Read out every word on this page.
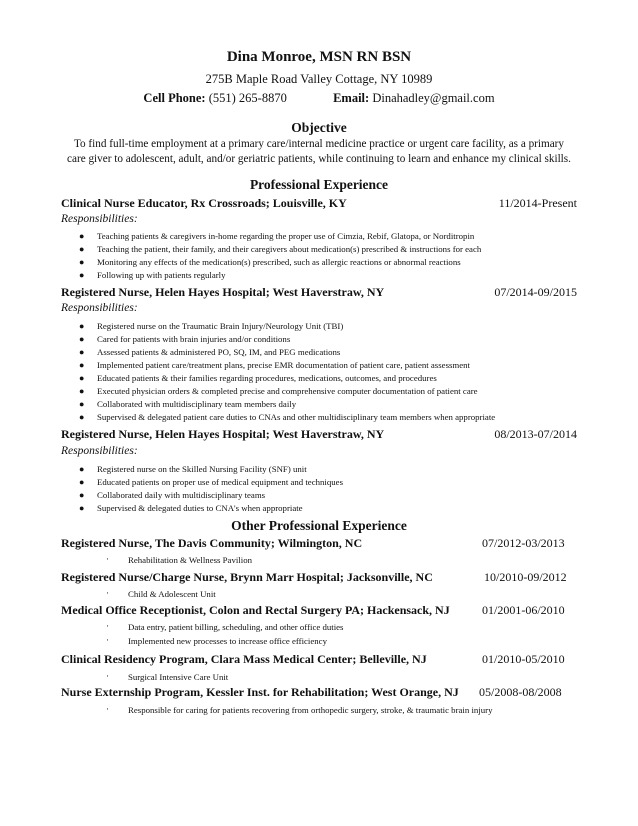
Dina Monroe, MSN RN BSN
275B Maple Road Valley Cottage, NY 10989
Cell Phone: (551) 265-8870	Email: Dinahadley@gmail.com
Objective
To find full-time employment at a primary care/internal medicine practice or urgent care facility, as a primary
care giver to adolescent, adult, and/or geriatric patients, while continuing to learn and enhance my clinical skills.
Professional Experience
Clinical Nurse Educator, Rx Crossroads; Louisville, KY	11/2014-Present
Responsibilities:
● Teaching patients & caregivers in-home regarding the proper use of Cimzia, Rebif, Glatopa, or Norditropin
● Teaching the patient, their family, and their caregivers about medication(s) prescribed & instructions for each
● Monitoring any effects of the medication(s) prescribed, such as allergic reactions or abnormal reactions
● Following up with patients regularly
Registered Nurse, Helen Hayes Hospital; West Haverstraw, NY	07/2014-09/2015
Responsibilities:
● Registered nurse on the Traumatic Brain Injury/Neurology Unit (TBI)
● Cared for patients with brain injuries and/or conditions
● Assessed patients & administered PO, SQ, IM, and PEG medications
● Implemented patient care/treatment plans, precise EMR documentation of patient care, patient assessment
● Educated patients & their families regarding procedures, medications, outcomes, and procedures
● Executed physician orders & completed precise and comprehensive computer documentation of patient care
● Collaborated with multidisciplinary team members daily
● Supervised & delegated patient care duties to CNAs and other multidisciplinary team members when appropriate
Registered Nurse, Helen Hayes Hospital; West Haverstraw, NY	08/2013-07/2014
Responsibilities:
● Registered nurse on the Skilled Nursing Facility (SNF) unit
● Educated patients on proper use of medical equipment and techniques
● Collaborated daily with multidisciplinary teams
● Supervised & delegated duties to CNA's when appropriate
Other Professional Experience
Registered Nurse, The Davis Community; Wilmington, NC	07/2012-03/2013
· Rehabilitation & Wellness Pavilion
Registered Nurse/Charge Nurse, Brynn Marr Hospital; Jacksonville, NC	10/2010-09/2012
· Child & Adolescent Unit
Medical Office Receptionist, Colon and Rectal Surgery PA; Hackensack, NJ	01/2001-06/2010
· Data entry, patient billing, scheduling, and other office duties
· Implemented new processes to increase office efficiency
Clinical Residency Program, Clara Mass Medical Center; Belleville, NJ	01/2010-05/2010
· Surgical Intensive Care Unit
Nurse Externship Program, Kessler Inst. for Rehabilitation; West Orange, NJ 05/2008-08/2008
· Responsible for caring for patients recovering from orthopedic surgery, stroke, & traumatic brain injury
